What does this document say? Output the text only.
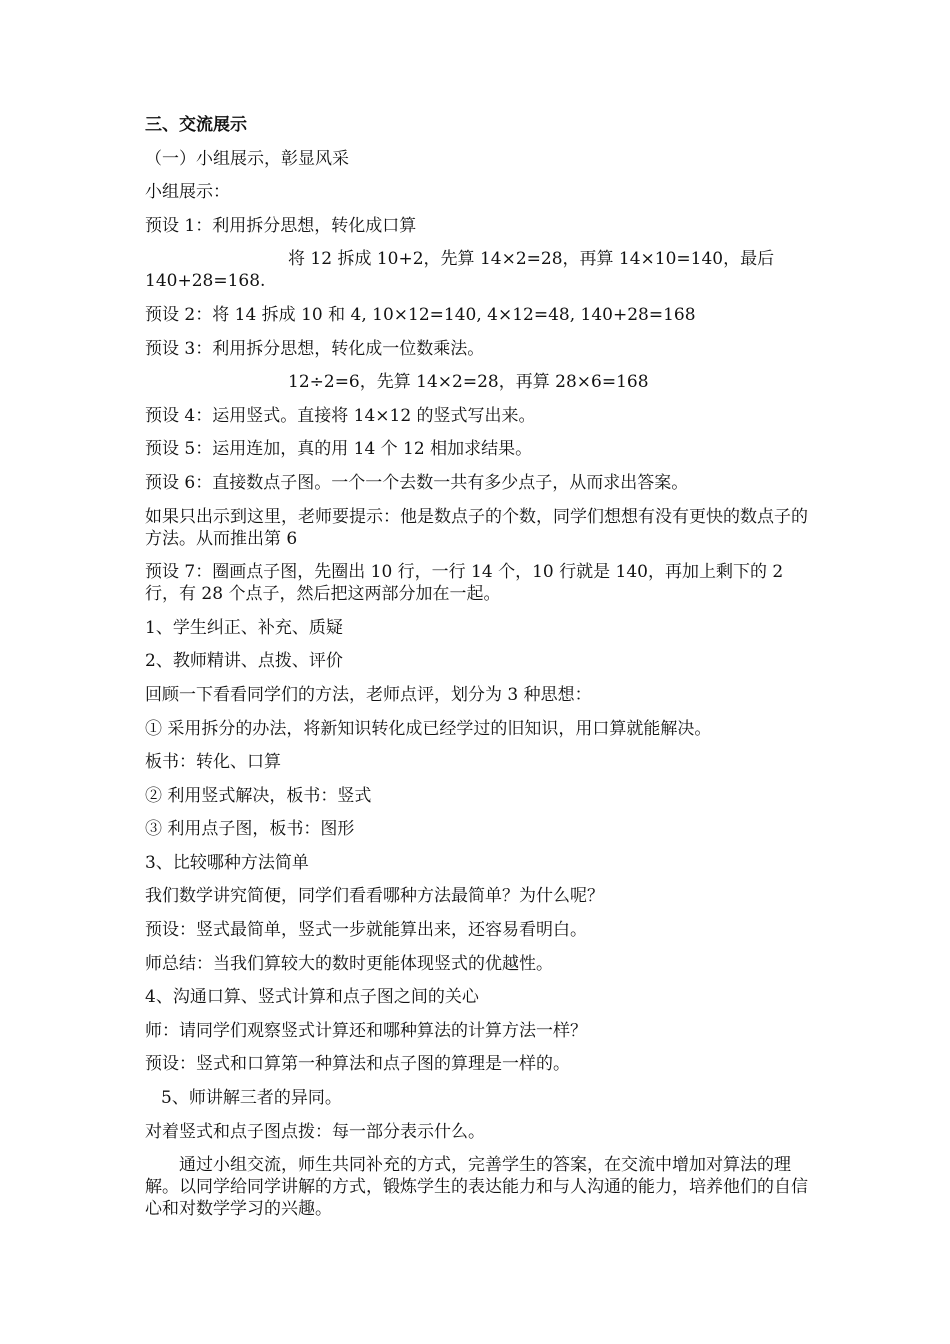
三、交流展示
（一）小组展示，彰显风采
小组展示：
预设 1：利用拆分思想，转化成口算
将 12 拆成 10+2，先算 14×2=28，再算 14×10=140，最后 140+28=168.
预设 2：将 14 拆成 10 和 4, 10×12=140, 4×12=48, 140+28=168
预设 3：利用拆分思想，转化成一位数乘法。
12÷2=6，先算 14×2=28，再算 28×6=168
预设 4：运用竖式。直接将 14×12 的竖式写出来。
预设 5：运用连加，真的用 14 个 12 相加求结果。
预设 6：直接数点子图。一个一个去数一共有多少点子，从而求出答案。
如果只出示到这里，老师要提示：他是数点子的个数，同学们想想有没有更快的数点子的方法。从而推出第 6
预设 7：圈画点子图，先圈出 10 行，一行 14 个，10 行就是 140，再加上剩下的 2 行，有 28 个点子，然后把这两部分加在一起。
1、学生纠正、补充、质疑
2、教师精讲、点拨、评价
回顾一下看看同学们的方法，老师点评，划分为 3 种思想：
① 采用拆分的办法，将新知识转化成已经学过的旧知识，用口算就能解决。
板书：转化、口算
② 利用竖式解决，板书：竖式
③ 利用点子图，板书：图形
3、比较哪种方法简单
我们数学讲究简便，同学们看看哪种方法最简单？为什么呢？
预设：竖式最简单，竖式一步就能算出来，还容易看明白。
师总结：当我们算较大的数时更能体现竖式的优越性。
4、沟通口算、竖式计算和点子图之间的关心
师：请同学们观察竖式计算还和哪种算法的计算方法一样？
预设：竖式和口算第一种算法和点子图的算理是一样的。
5、师讲解三者的异同。
对着竖式和点子图点拨：每一部分表示什么。
通过小组交流，师生共同补充的方式，完善学生的答案，在交流中增加对算法的理解。以同学给同学讲解的方式，锻炼学生的表达能力和与人沟通的能力，培养他们的自信心和对数学学习的兴趣。
